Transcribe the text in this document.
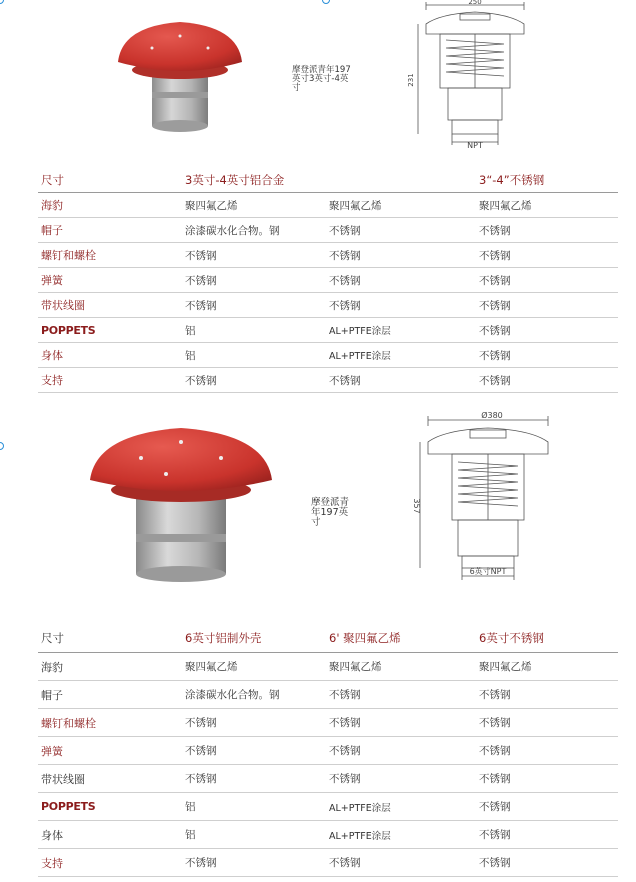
摩登派青年197
英寸3英寸-4英
寸
250
231
NPT
尺寸	3英寸-4英寸铝合金		3“-4”不锈钢
海豹	聚四氟乙烯	聚四氟乙烯	聚四氟乙烯
帽子	涂漆碳水化合物。钢	不锈钢	不锈钢
螺钉和螺栓	不锈钢	不锈钢	不锈钢
弹簧	不锈钢	不锈钢	不锈钢
带状线圈	不锈钢	不锈钢	不锈钢
POPPETS	铝	AL+PTFE涂层	不锈钢
身体	铝	AL+PTFE涂层	不锈钢
支持	不锈钢	不锈钢	不锈钢
摩登派青
年197英
寸
Ø380
357
6英寸NPT
尺寸	6英寸铝制外壳	6' 聚四氟乙烯	6英寸不锈钢
海豹	聚四氟乙烯	聚四氟乙烯	聚四氟乙烯
帽子	涂漆碳水化合物。钢	不锈钢	不锈钢
螺钉和螺栓	不锈钢	不锈钢	不锈钢
弹簧	不锈钢	不锈钢	不锈钢
带状线圈	不锈钢	不锈钢	不锈钢
POPPETS	铝	AL+PTFE涂层	不锈钢
身体	铝	AL+PTFE涂层	不锈钢
支持	不锈钢	不锈钢	不锈钢
